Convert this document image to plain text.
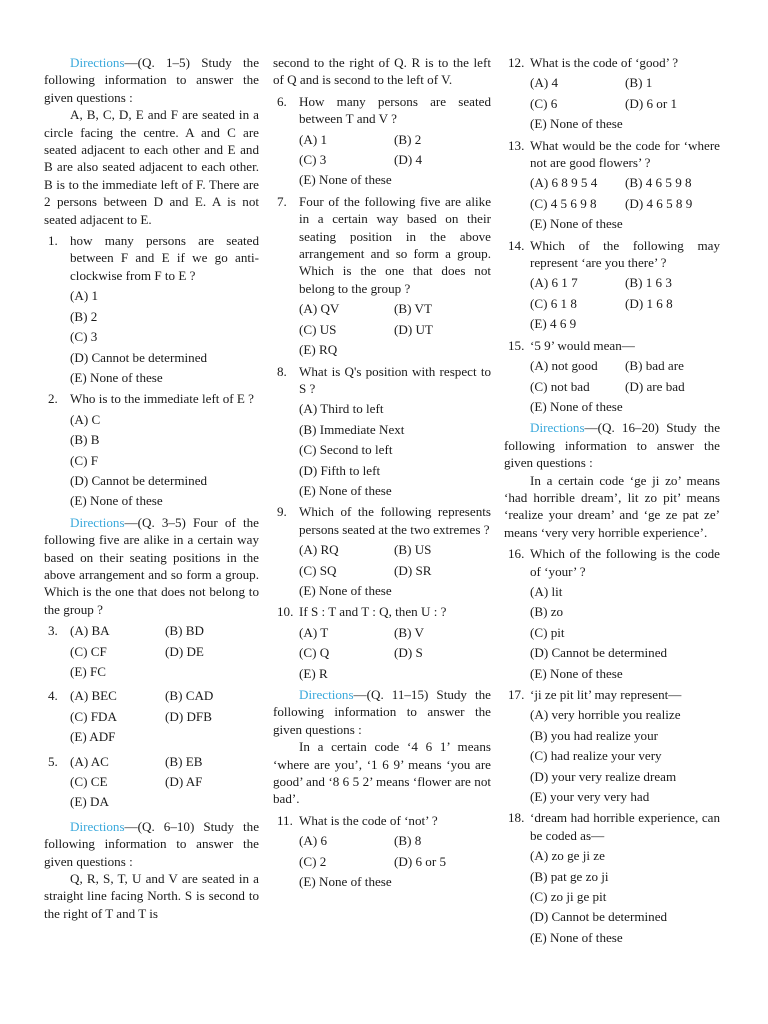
Directions—(Q. 1–5) Study the following information to answer the given questions :
A, B, C, D, E and F are seated in a circle facing the centre. A and C are seated adjacent to each other and E and B are also seated adjacent to each other. B is to the immediate left of F. There are 2 persons between D and E. A is not seated adjacent to E.
1. how many persons are seated between F and E if we go anti-clockwise from F to E ?
(A) 1
(B) 2
(C) 3
(D) Cannot be determined
(E) None of these
2. Who is to the immediate left of E ?
(A) C
(B) B
(C) F
(D) Cannot be determined
(E) None of these
Directions—(Q. 3–5) Four of the following five are alike in a certain way based on their seating positions in the above arrangement and so form a group. Which is the one that does not belong to the group ?
3. (A) BA	(B) BD
(C) CF	(D) DE
(E) FC
4. (A) BEC	(B) CAD
(C) FDA	(D) DFB
(E) ADF
5. (A) AC	(B) EB
(C) CE	(D) AF
(E) DA
Directions—(Q. 6–10) Study the following information to answer the given questions :
Q, R, S, T, U and V are seated in a straight line facing North. S is second to the right of T and T is
second to the right of Q. R is to the left of Q and is second to the left of V.
6. How many persons are seated between T and V ?
(A) 1	(B) 2
(C) 3	(D) 4
(E) None of these
7. Four of the following five are alike in a certain way based on their seating position in the above arrangement and so form a group. Which is the one that does not belong to the group ?
(A) QV	(B) VT
(C) US	(D) UT
(E) RQ
8. What is Q's position with respect to S ?
(A) Third to left
(B) Immediate Next
(C) Second to left
(D) Fifth to left
(E) None of these
9. Which of the following represents persons seated at the two extremes ?
(A) RQ	(B) US
(C) SQ	(D) SR
(E) None of these
10. If S : T and T : Q, then U : ?
(A) T	(B) V
(C) Q	(D) S
(E) R
Directions—(Q. 11–15) Study the following information to answer the given questions :
In a certain code ‘4 6 1’ means ‘where are you’, ‘1 6 9’ means ‘you are good’ and ‘8 6 5 2’ means ‘flower are not bad’.
11. What is the code of ‘not’ ?
(A) 6	(B) 8
(C) 2	(D) 6 or 5
(E) None of these
12. What is the code of ‘good’ ?
(A) 4	(B) 1
(C) 6	(D) 6 or 1
(E) None of these
13. What would be the code for ‘where not are good flowers’ ?
(A) 6 8 9 5 4	(B) 4 6 5 9 8
(C) 4 5 6 9 8	(D) 4 6 5 8 9
(E) None of these
14. Which of the following may represent ‘are you there’ ?
(A) 6 1 7	(B) 1 6 3
(C) 6 1 8	(D) 1 6 8
(E) 4 6 9
15. ‘5 9’ would mean—
(A) not good	(B) bad are
(C) not bad	(D) are bad
(E) None of these
Directions—(Q. 16–20) Study the following information to answer the given questions :
In a certain code ‘ge ji zo’ means ‘had horrible dream’, lit zo pit’ means ‘realize your dream’ and ‘ge ze pat ze’ means ‘very very horrible experience’.
16. Which of the following is the code of ‘your’ ?
(A) lit
(B) zo
(C) pit
(D) Cannot be determined
(E) None of these
17. ‘ji ze pit lit’ may represent—
(A) very horrible you realize
(B) you had realize your
(C) had realize your very
(D) your very realize dream
(E) your very very had
18. ‘dream had horrible experience, can be coded as—
(A) zo ge ji ze
(B) pat ge zo ji
(C) zo ji ge pit
(D) Cannot be determined
(E) None of these
